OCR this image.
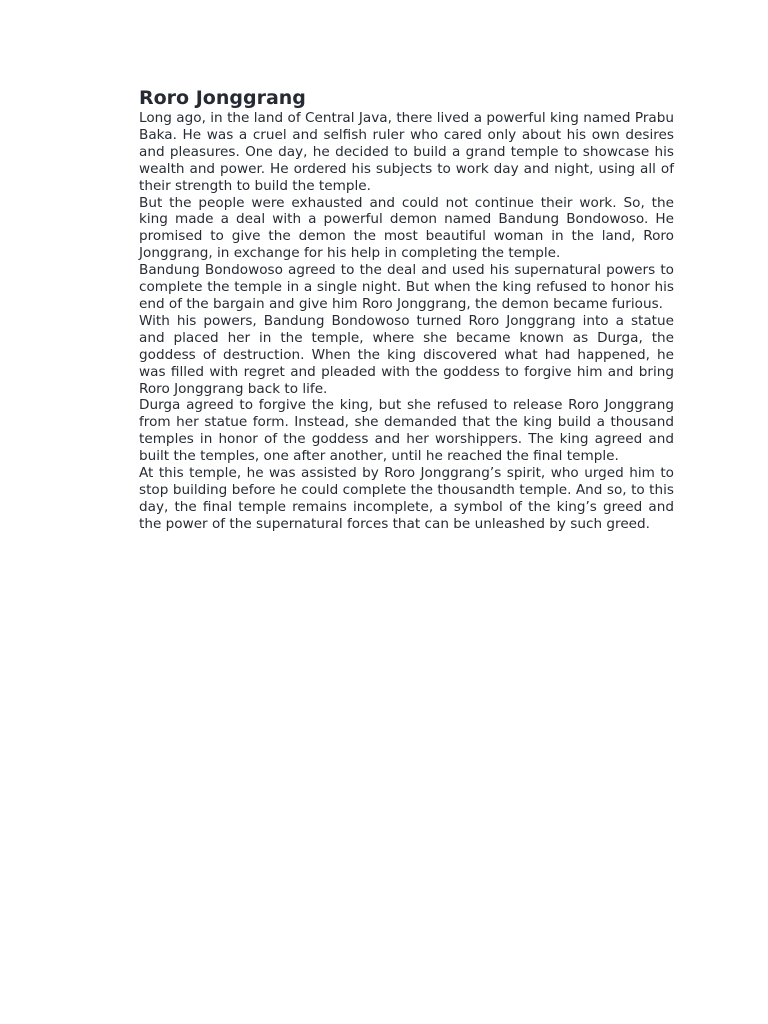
Roro Jonggrang

Long ago, in the land of Central Java, there lived a powerful king named Prabu Baka. He was a cruel and selfish ruler who cared only about his own desires and pleasures. One day, he decided to build a grand temple to showcase his wealth and power. He ordered his subjects to work day and night, using all of their strength to build the temple.

But the people were exhausted and could not continue their work. So, the king made a deal with a powerful demon named Bandung Bondowoso. He promised to give the demon the most beautiful woman in the land, Roro Jonggrang, in exchange for his help in completing the temple.

Bandung Bondowoso agreed to the deal and used his supernatural powers to complete the temple in a single night. But when the king refused to honor his end of the bargain and give him Roro Jonggrang, the demon became furious.

With his powers, Bandung Bondowoso turned Roro Jonggrang into a statue and placed her in the temple, where she became known as Durga, the goddess of destruction. When the king discovered what had happened, he was filled with regret and pleaded with the goddess to forgive him and bring Roro Jonggrang back to life.

Durga agreed to forgive the king, but she refused to release Roro Jonggrang from her statue form. Instead, she demanded that the king build a thousand temples in honor of the goddess and her worshippers. The king agreed and built the temples, one after another, until he reached the final temple.

At this temple, he was assisted by Roro Jonggrang’s spirit, who urged him to stop building before he could complete the thousandth temple. And so, to this day, the final temple remains incomplete, a symbol of the king’s greed and the power of the supernatural forces that can be unleashed by such greed.
